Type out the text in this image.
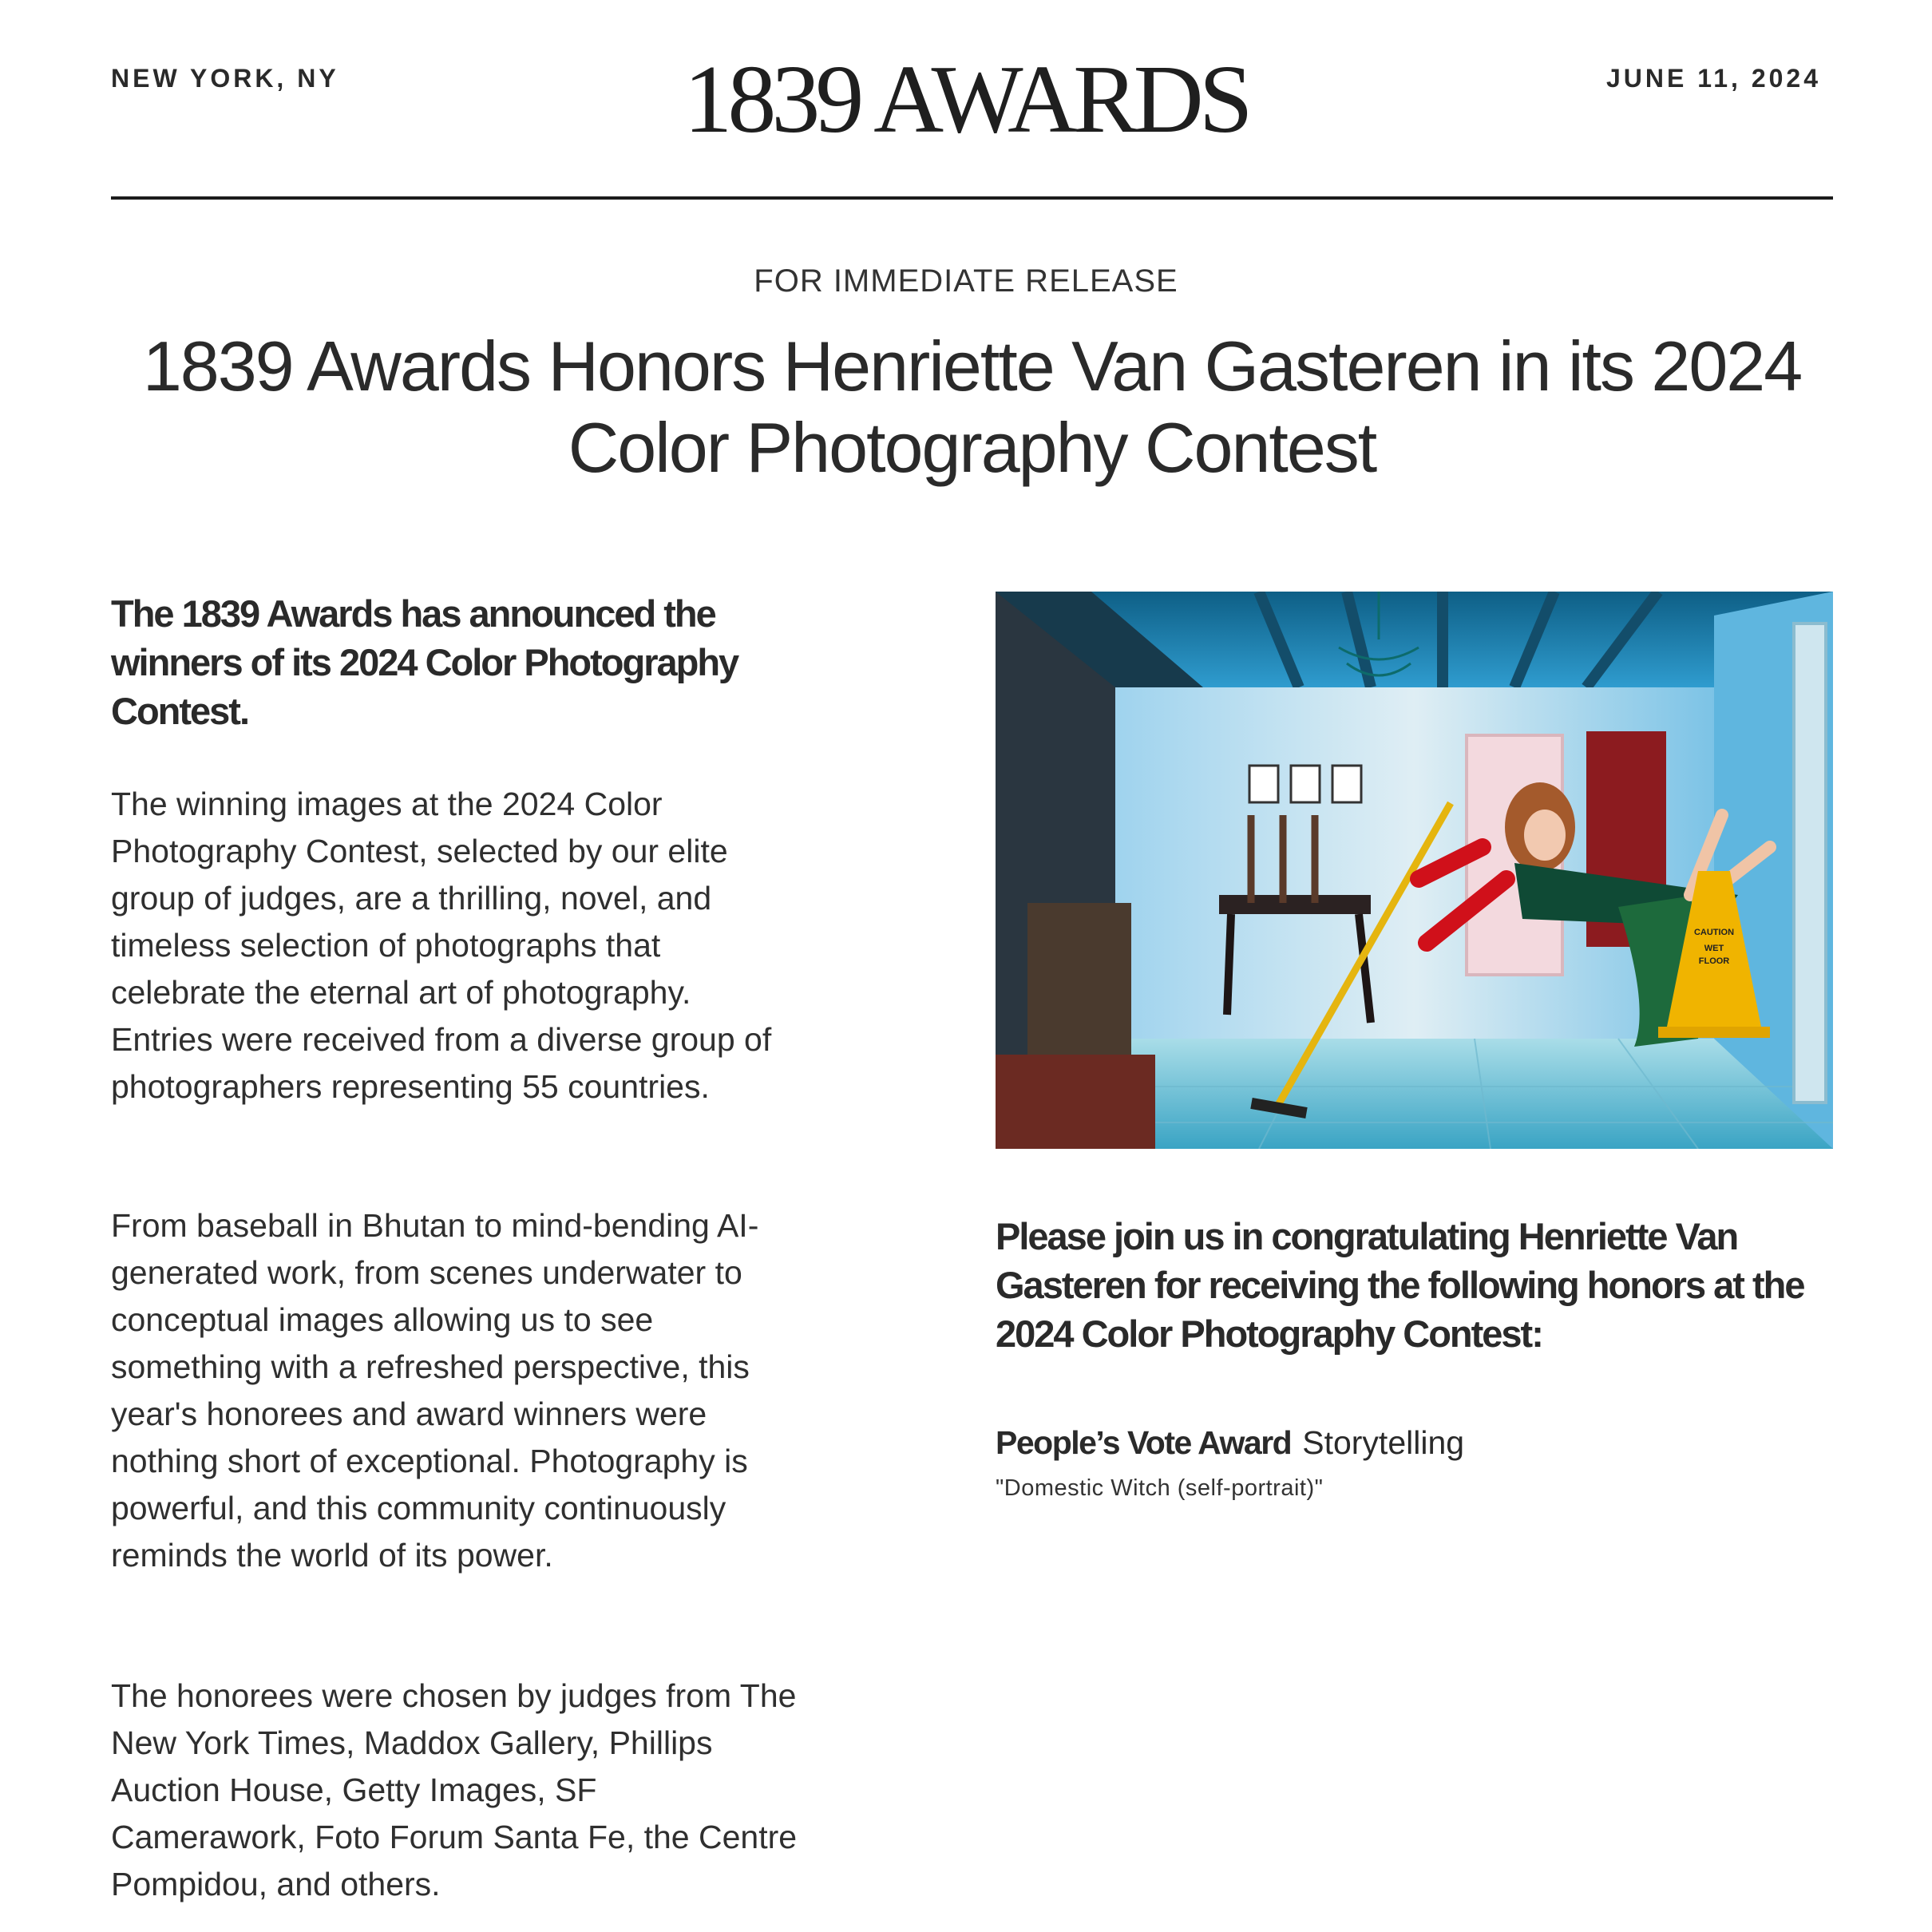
NEW YORK, NY	1839 AWARDS	JUNE 11, 2024
FOR IMMEDIATE RELEASE
1839 Awards Honors Henriette Van Gasteren in its 2024 Color Photography Contest
The 1839 Awards has announced the winners of its 2024 Color Photography Contest.
The winning images at the 2024 Color Photography Contest, selected by our elite group of judges, are a thrilling, novel, and timeless selection of photographs that celebrate the eternal art of photography. Entries were received from a diverse group of photographers representing 55 countries.
From baseball in Bhutan to mind-bending AI-generated work, from scenes underwater to conceptual images allowing us to see something with a refreshed perspective, this year's honorees and award winners were nothing short of exceptional. Photography is powerful, and this community continuously reminds the world of its power.
The honorees were chosen by judges from The New York Times, Maddox Gallery, Phillips Auction House, Getty Images, SF Camerawork, Foto Forum Santa Fe, the Centre Pompidou, and others.
CAUTION
WET
FLOOR
Please join us in congratulating Henriette Van Gasteren for receiving the following honors at the 2024 Color Photography Contest:
People’s Vote Award Storytelling
"Domestic Witch (self-portrait)"
